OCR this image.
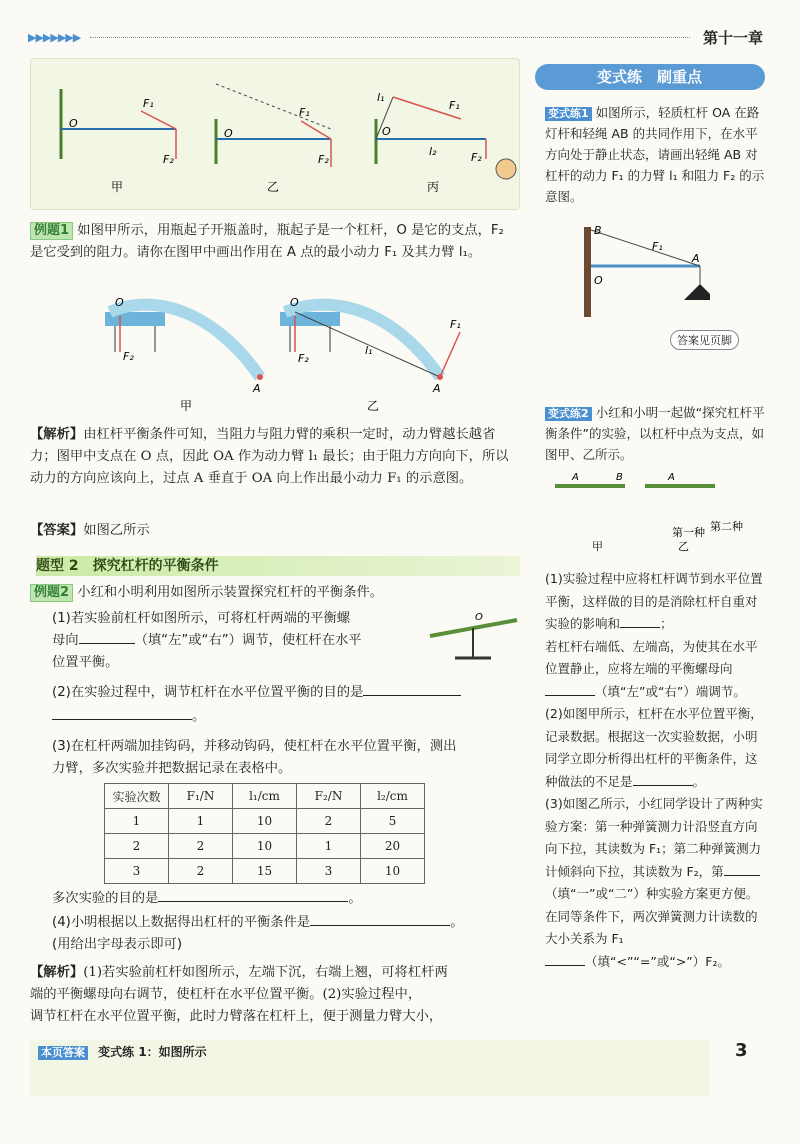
▶▶▶▶▶▶▶	第十一章
O
F₁
F₂
甲
O
F₁
F₂
乙
O
l₁
F₁
l₂	F₂
丙
例题1 如图甲所示，用瓶起子开瓶盖时，瓶起子是一个杠杆，O 是它的支点，F₂ 是它受到的阻力。请你在图甲中画出作用在 A 点的最小动力 F₁ 及其力臂 l₁。
O
F₂
A
甲
O
F₂
l₁
F₁
A
乙
【解析】由杠杆平衡条件可知，当阻力与阻力臂的乘积一定时，动力臂越长越省力；图甲中支点在 O 点，因此 OA 作为动力臂 l₁ 最长；由于阻力方向向下，所以动力的方向应该向上，过点 A 垂直于 OA 向上作出最小动力 F₁ 的示意图。
【答案】如图乙所示
题型 2　探究杠杆的平衡条件
例题2 小红和小明利用如图所示装置探究杠杆的平衡条件。
(1)若实验前杠杆如图所示，可将杠杆两端的平衡螺
母向	（填“左”或“右”）调节，使杠杆在水平
位置平衡。
O
(2)在实验过程中，调节杠杆在水平位置平衡的目的是
。
(3)在杠杆两端加挂钩码，并移动钩码，使杠杆在水平位置平衡，测出
力臂，多次实验并把数据记录在表格中。
实验次数	F₁/N	l₁/cm	F₂/N	l₂/cm
1	1	10	2	5
2	2	10	1	20
3	2	15	3	10
多次实验的目的是	。
(4)小明根据以上数据得出杠杆的平衡条件是	。
(用给出字母表示即可)
【解析】(1)若实验前杠杆如图所示，左端下沉，右端上翘，可将杠杆两
端的平衡螺母向右调节，使杠杆在水平位置平衡。(2)实验过程中，
调节杠杆在水平位置平衡，此时力臂落在杠杆上，便于测量力臂大小，
变式练　刷重点
变式练1 如图所示，轻质杠杆 OA 在路灯杆和轻绳 AB 的共同作用下，在水平方向处于静止状态，请画出轻绳 AB 对杠杆的动力 F₁ 的力臂 l₁ 和阻力 F₂ 的示意图。
B
O
A
F₁
答案见页脚
变式练2 小红和小明一起做“探究杠杆平衡条件”的实验，以杠杆中点为支点，如图甲、乙所示。
A	B	A
第一种 第二种
甲	乙
(1)实验过程中应将杠杆调节到水平位置平衡，这样做的目的是消除杠杆自重对实验的影响和	；
若杠杆右端低、左端高，为使其在水平位置静止，应将左端的平衡螺母向
（填“左”或“右”）端调节。
(2)如图甲所示，杠杆在水平位置平衡，记录数据。根据这一次实验数据，小明同学立即分析得出杠杆的平衡条件，这种做法的不足是	。
(3)如图乙所示，小红同学设计了两种实验方案：第一种弹簧测力计沿竖直方向向下拉，其读数为 F₁；第二种弹簧测力计倾斜向下拉，其读数为 F₂，第（填“一”或“二”）种实验方案更方便。在同等条件下，两次弹簧测力计读数的大小关系为 F₁
（填“<”“=”或“>”）F₂。
本页答案 变式练 1：如图所示	3
